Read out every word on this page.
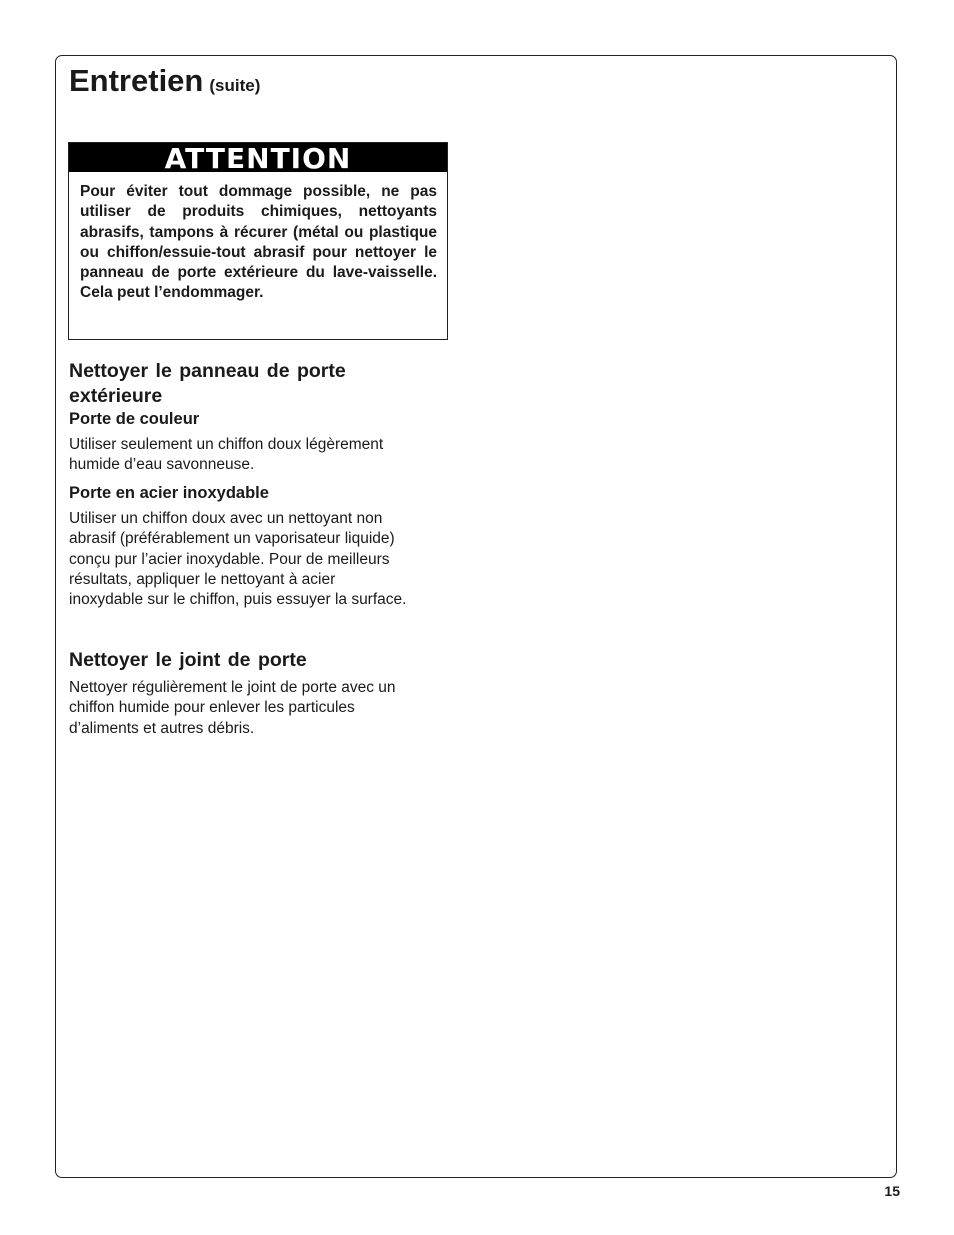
Entretien (suite)
ATTENTION

Pour éviter tout dommage possible, ne pas utiliser de produits chimiques, nettoyants abrasifs, tampons à récurer (métal ou plastique ou chiffon/essuie-tout abrasif pour nettoyer le panneau de porte extérieure du lave-vaisselle. Cela peut l’endommager.

Nettoyer le panneau de porte
extérieure
Porte de couleur

Utiliser seulement un chiffon doux légèrement
humide d’eau savonneuse.

Porte en acier inoxydable

Utiliser un chiffon doux avec un nettoyant non
abrasif (préférablement un vaporisateur liquide)
conçu pur l’acier inoxydable. Pour de meilleurs
résultats, appliquer le nettoyant à acier
inoxydable sur le chiffon, puis essuyer la surface.

Nettoyer le joint de porte

Nettoyer régulièrement le joint de porte avec un
chiffon humide pour enlever les particules
d’aliments et autres débris.

15
